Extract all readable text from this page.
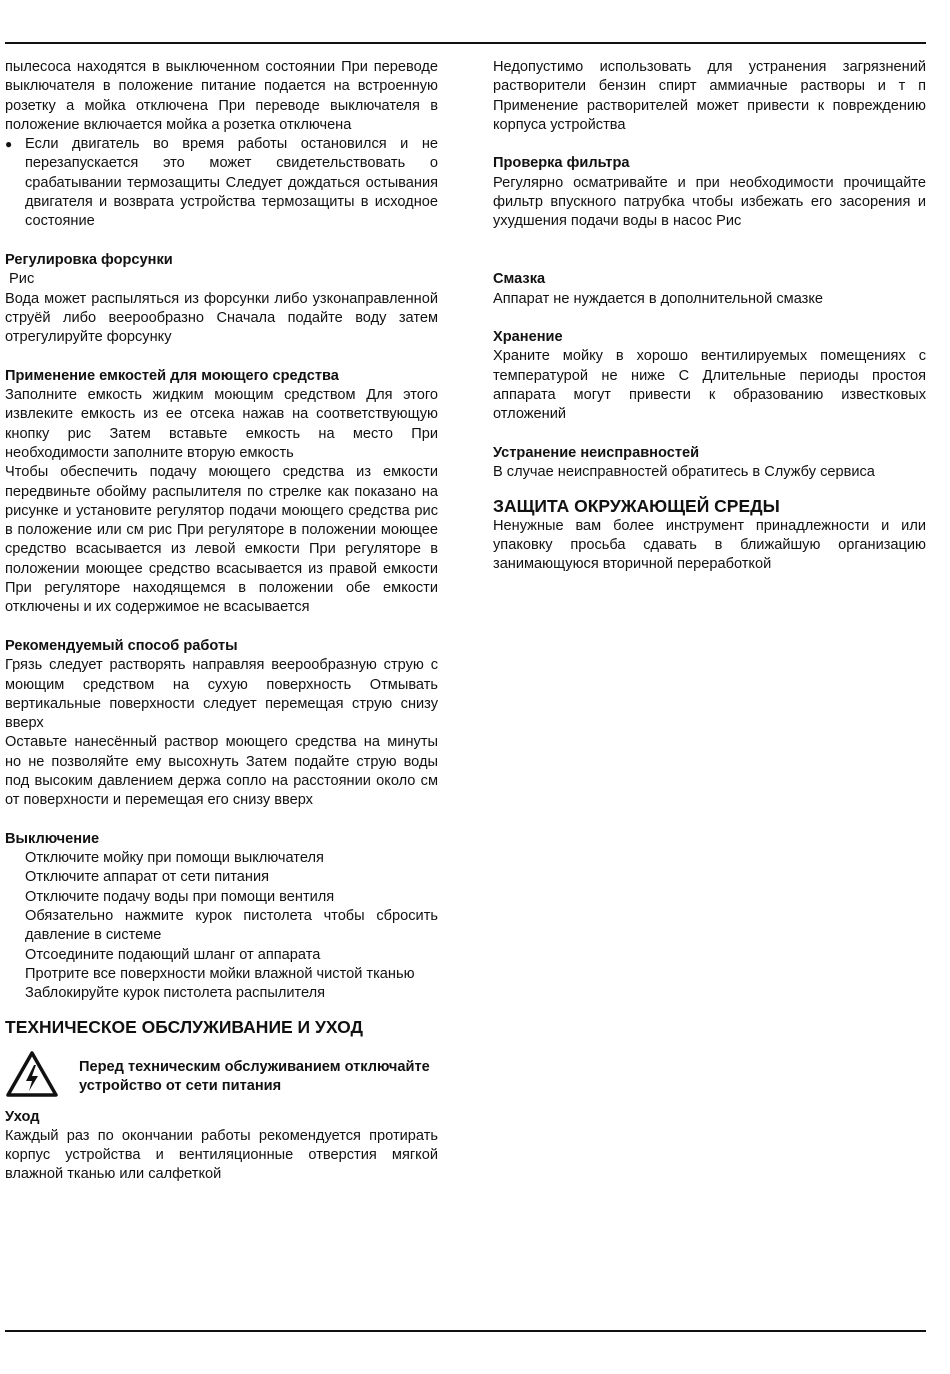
пылесоса находятся в выключенном состоянии При переводе выключателя в положение питание подается на встроенную розетку а мойка отключена При переводе выключателя в положение включается мойка а розетка отключена

● Если двигатель во время работы остановился и не перезапускается это может свидетельствовать о срабатывании термозащиты Следует дождаться остывания двигателя и возврата устройства термозащиты в исходное состояние
Регулировка форсунки

Рис

Вода может распыляться из форсунки либо узконаправленной струёй либо веерообразно Сначала подайте воду затем отрегулируйте форсунку

Применение емкостей для моющего средства

Заполните емкость жидким моющим средством Для этого извлеките емкость из ее отсека нажав на соответствующую кнопку рис Затем вставьте емкость на место При необходимости заполните вторую емкость

Чтобы обеспечить подачу моющего средства из емкости передвиньте обойму распылителя по стрелке как показано на рисунке и установите регулятор подачи моющего средства рис в положение или см рис При регуляторе в положении моющее средство всасывается из левой емкости При регуляторе в положении моющее средство всасывается из правой емкости При регуляторе находящемся в положении обе емкости отключены и их содержимое не всасывается

Рекомендуемый способ работы

Грязь следует растворять направляя веерообразную струю с моющим средством на сухую поверхность Отмывать вертикальные поверхности следует перемещая струю снизу вверх

Оставьте нанесённый раствор моющего средства на минуты но не позволяйте ему высохнуть Затем подайте струю воды под высоким давлением держа сопло на расстоянии около см от поверхности и перемещая его снизу вверх

Выключение
Отключите мойку при помощи выключателя
Отключите аппарат от сети питания
Отключите подачу воды при помощи вентиля
Обязательно нажмите курок пистолета чтобы сбросить давление в системе
Отсоедините подающий шланг от аппарата
Протрите все поверхности мойки влажной чистой тканью
Заблокируйте курок пистолета распылителя
ТЕХНИЧЕСКОЕ ОБСЛУЖИВАНИЕ И УХОД
Перед техническим обслуживанием отключайте устройство от сети питания
Уход

Каждый раз по окончании работы рекомендуется протирать корпус устройства и вентиляционные отверстия мягкой влажной тканью или салфеткой

Недопустимо использовать для устранения загрязнений растворители бензин спирт аммиачные растворы и т п Применение растворителей может привести к повреждению корпуса устройства

Проверка фильтра

Регулярно осматривайте и при необходимости прочищайте фильтр впускного патрубка чтобы избежать его засорения и ухудшения подачи воды в насос Рис

Смазка

Аппарат не нуждается в дополнительной смазке

Хранение

Храните мойку в хорошо вентилируемых помещениях с температурой не ниже С Длительные периоды простоя аппарата могут привести к образованию известковых отложений

Устранение неисправностей

В случае неисправностей обратитесь в Службу сервиса

ЗАЩИТА ОКРУЖАЮЩЕЙ СРЕДЫ

Ненужные вам более инструмент принадлежности и или упаковку просьба сдавать в ближайшую организацию занимающуюся вторичной переработкой
